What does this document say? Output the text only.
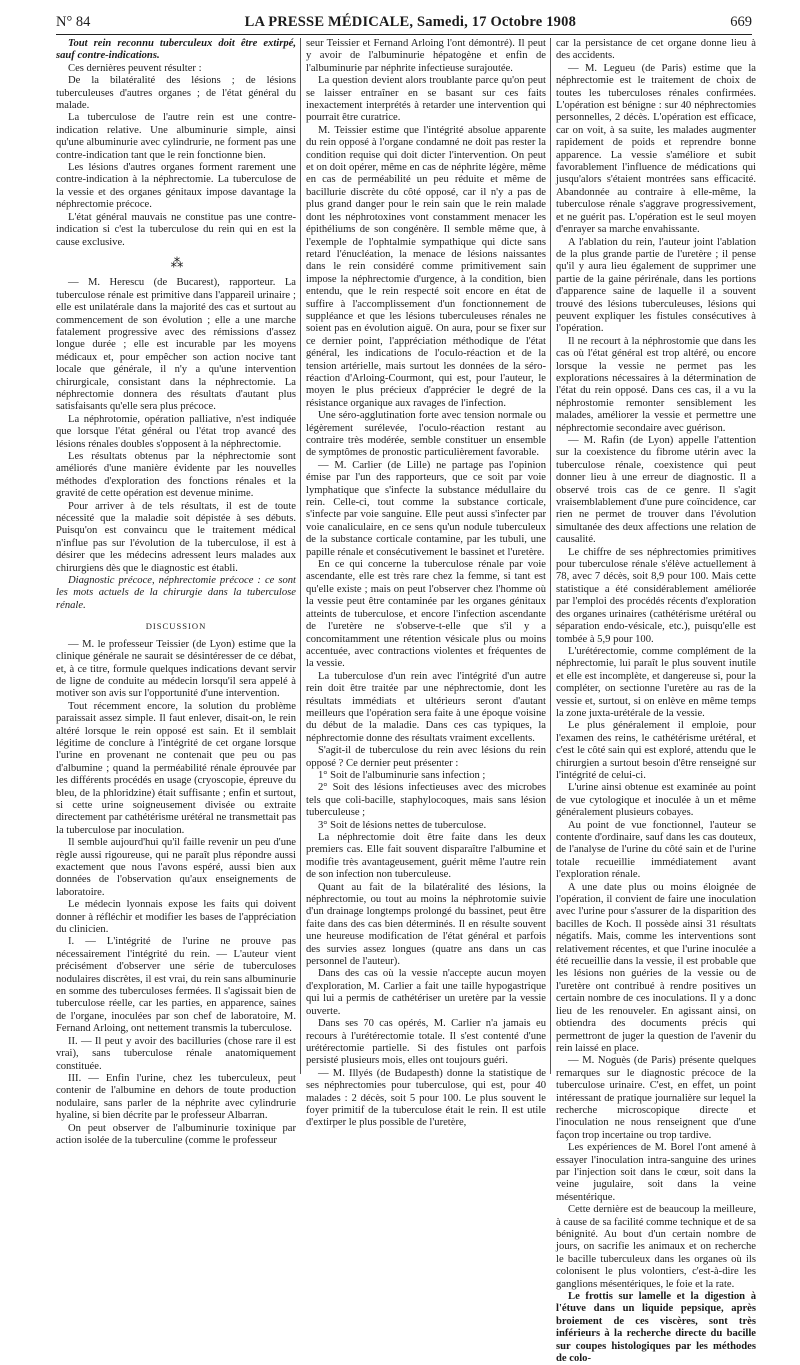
N° 84	LA PRESSE MÉDICALE, Samedi, 17 Octobre 1908	669

Tout rein reconnu tuberculeux doit être extirpé, sauf contre-indications.

Ces dernières peuvent résulter :

De la bilatéralité des lésions ; de lésions tuberculeuses d'autres organes ; de l'état général du malade.

La tuberculose de l'autre rein est une contre-indication relative. Une albuminurie simple, ainsi qu'une albuminurie avec cylindrurie, ne forment pas une contre-indication tant que le rein fonctionne bien.

Les lésions d'autres organes forment rarement une contre-indication à la néphrectomie. La tuberculose de la vessie et des organes génitaux impose davantage la néphrectomie précoce.

L'état général mauvais ne constitue pas une contre-indication si c'est la tuberculose du rein qui en est la cause exclusive.

⁂

— M. Herescu (de Bucarest), rapporteur. La tuberculose rénale est primitive dans l'appareil urinaire ; elle est unilatérale dans la majorité des cas et surtout au commencement de son évolution ; elle a une marche fatalement progressive avec des rémissions d'assez longue durée ; elle est incurable par les moyens médicaux et, pour empêcher son action nocive tant locale que générale, il n'y a qu'une intervention chirurgicale, consistant dans la néphrectomie. La néphrectomie donnera des résultats d'autant plus satisfaisants qu'elle sera plus précoce.

La néphrotomie, opération palliative, n'est indiquée que lorsque l'état général ou l'état trop avancé des lésions rénales doubles s'opposent à la néphrectomie.

Les résultats obtenus par la néphrectomie sont améliorés d'une manière évidente par les nouvelles méthodes d'exploration des fonctions rénales et la gravité de cette opération est devenue minime.

Pour arriver à de tels résultats, il est de toute nécessité que la maladie soit dépistée à ses débuts. Puisqu'on est convaincu que le traitement médical n'influe pas sur l'évolution de la tuberculose, il est à désirer que les médecins adressent leurs malades aux chirurgiens dès que le diagnostic est établi.

Diagnostic précoce, néphrectomie précoce : ce sont les mots actuels de la chirurgie dans la tuberculose rénale.

DISCUSSION

— M. le professeur Teissier (de Lyon) estime que la clinique générale ne saurait se désintéresser de ce débat, et, à ce titre, formule quelques indications devant servir de ligne de conduite au médecin lorsqu'il sera appelé à motiver son avis sur l'opportunité d'une intervention.

Tout récemment encore, la solution du problème paraissait assez simple. Il faut enlever, disait-on, le rein altéré lorsque le rein opposé est sain. Et il semblait légitime de conclure à l'intégrité de cet organe lorsque l'urine en provenant ne contenait que peu ou pas d'albumine ; quand la perméabilité rénale éprouvée par les différents procédés en usage (cryoscopie, épreuve du bleu, de la phloridzine) était suffisante ; enfin et surtout, si cette urine soigneusement divisée ou extraite directement par cathétérisme urétéral ne transmettait pas la tuberculose par inoculation.

Il semble aujourd'hui qu'il faille revenir un peu d'une règle aussi rigoureuse, qui ne paraît plus répondre aussi exactement que nous l'avons espéré, aussi bien aux données de l'observation qu'aux enseignements de laboratoire.

Le médecin lyonnais expose les faits qui doivent donner à réfléchir et modifier les bases de l'appréciation du clinicien.

I. — L'intégrité de l'urine ne prouve pas nécessairement l'intégrité du rein. — L'auteur vient précisément d'observer une série de tuberculoses nodulaires discrètes, il est vrai, du rein sans albuminurie en somme des tuberculoses fermées. Il s'agissait bien de tuberculose réelle, car les parties, en apparence, saines de l'organe, inoculées par son chef de laboratoire, M. Fernand Arloing, ont nettement transmis la tuberculose.

II. — Il peut y avoir des bacilluries (chose rare il est vrai), sans tuberculose rénale anatomiquement constituée.

III. — Enfin l'urine, chez les tuberculeux, peut contenir de l'albumine en dehors de toute production nodulaire, sans parler de la néphrite avec cylindrurie hyaline, si bien décrite par le professeur Albarran.

On peut observer de l'albuminurie toxinique par action isolée de la tuberculine (comme le professeur

seur Teissier et Fernand Arloing l'ont démontré). Il peut y avoir de l'albuminurie hépatogène et enfin de l'albuminurie par néphrite infectieuse surajoutée.

La question devient alors troublante parce qu'on peut se laisser entraîner en se basant sur ces faits inexactement interprétés à retarder une intervention qui pourrait être curatrice.

M. Teissier estime que l'intégrité absolue apparente du rein opposé à l'organe condamné ne doit pas rester la condition requise qui doit dicter l'intervention. On peut et on doit opérer, même en cas de néphrite légère, même en cas de perméabilité un peu réduite et même de bacillurie discrète du côté opposé, car il n'y a pas de plus grand danger pour le rein sain que le rein malade dont les néphrotoxines vont constamment menacer les épithéliums de son congénère. Il semble même que, à l'exemple de l'ophtalmie sympathique qui dicte sans retard l'énucléation, la menace de lésions naissantes dans le rein considéré comme primitivement sain impose la néphrectomie d'urgence, à la condition, bien entendu, que le rein respecté soit encore en état de suffire à l'accomplissement d'un fonctionnement de suppléance et que les lésions tuberculeuses rénales ne soient pas en évolution aiguë. On aura, pour se fixer sur ce dernier point, l'appréciation méthodique de l'état général, les indications de l'oculo-réaction et de la tension artérielle, mais surtout les données de la séro-réaction d'Arloing-Courmont, qui est, pour l'auteur, le moyen le plus précieux d'apprécier le degré de la résistance organique aux ravages de l'infection.

Une séro-agglutination forte avec tension normale ou légèrement surélevée, l'oculo-réaction restant au contraire très modérée, semble constituer un ensemble de symptômes de pronostic particulièrement favorable.

— M. Carlier (de Lille) ne partage pas l'opinion émise par l'un des rapporteurs, que ce soit par voie lymphatique que s'infecte la substance médullaire du rein. Celle-ci, tout comme la substance corticale, s'infecte par voie sanguine. Elle peut aussi s'infecter par voie canaliculaire, en ce sens qu'un nodule tuberculeux de la substance corticale contamine, par les tubuli, une papille rénale et consécutivement le bassinet et l'uretère.

En ce qui concerne la tuberculose rénale par voie ascendante, elle est très rare chez la femme, si tant est qu'elle existe ; mais on peut l'observer chez l'homme où la vessie peut être contaminée par les organes génitaux atteints de tuberculose, et encore l'infection ascendante de l'uretère ne s'observe-t-elle que s'il y a concomitamment une rétention vésicale plus ou moins accentuée, avec contractions violentes et fréquentes de la vessie.

La tuberculose d'un rein avec l'intégrité d'un autre rein doit être traitée par une néphrectomie, dont les résultats immédiats et ultérieurs seront d'autant meilleurs que l'opération sera faite à une époque voisine du début de la maladie. Dans ces cas typiques, la néphrectomie donne des résultats vraiment excellents.

S'agit-il de tuberculose du rein avec lésions du rein opposé ? Ce dernier peut présenter :

1° Soit de l'albuminurie sans infection ;

2° Soit des lésions infectieuses avec des microbes tels que coli-bacille, staphylocoques, mais sans lésion tuberculeuse ;

3° Soit de lésions nettes de tuberculose.

La néphrectomie doit être faite dans les deux premiers cas. Elle fait souvent disparaître l'albumine et modifie très avantageusement, guérit même l'autre rein de son infection non tuberculeuse.

Quant au fait de la bilatéralité des lésions, la néphrectomie, ou tout au moins la néphrotomie suivie d'un drainage longtemps prolongé du bassinet, peut être faite dans des cas bien déterminés. Il en résulte souvent une heureuse modification de l'état général et parfois des survies assez longues (quatre ans dans un cas personnel de l'auteur).

Dans des cas où la vessie n'accepte aucun moyen d'exploration, M. Carlier a fait une taille hypogastrique qui lui a permis de cathétériser un uretère par la vessie ouverte.

Dans ses 70 cas opérés, M. Carlier n'a jamais eu recours à l'urétérectomie totale. Il s'est contenté d'une urétérectomie partielle. Si des fistules ont parfois persisté plusieurs mois, elles ont toujours guéri.

— M. Illyés (de Budapesth) donne la statistique de ses néphrectomies pour tuberculose, qui est, pour 40 malades : 2 décès, soit 5 pour 100. Le plus souvent le foyer primitif de la tuberculose était le rein. Il est utile d'extirper le plus possible de l'uretère,

car la persistance de cet organe donne lieu à des accidents.

— M. Legueu (de Paris) estime que la néphrectomie est le traitement de choix de toutes les tuberculoses rénales confirmées. L'opération est bénigne : sur 40 néphrectomies personnelles, 2 décès. L'opération est efficace, car on voit, à sa suite, les malades augmenter rapidement de poids et reprendre bonne apparence. La vessie s'améliore et subit favorablement l'influence de médications qui jusqu'alors s'étaient montrées sans efficacité. Abandonnée au contraire à elle-même, la tuberculose rénale s'aggrave progressivement, et ne guérit pas. L'opération est le seul moyen d'enrayer sa marche envahissante.

A l'ablation du rein, l'auteur joint l'ablation de la plus grande partie de l'uretère ; il pense qu'il y aura lieu également de supprimer une partie de la gaine périrénale, dans les portions d'apparence saine de laquelle il a souvent trouvé des lésions tuberculeuses, lésions qui peuvent expliquer les fistules consécutives à l'opération.

Il ne recourt à la néphrostomie que dans les cas où l'état général est trop altéré, ou encore lorsque la vessie ne permet pas les explorations nécessaires à la détermination de l'état du rein opposé. Dans ces cas, il a vu la néphrostomie remonter sensiblement les malades, améliorer la vessie et permettre une néphrectomie secondaire avec guérison.

— M. Rafin (de Lyon) appelle l'attention sur la coexistence du fibrome utérin avec la tuberculose rénale, coexistence qui peut donner lieu à une erreur de diagnostic. Il a observé trois cas de ce genre. Il s'agit vraisemblablement d'une pure coïncidence, car rien ne permet de trouver dans l'évolution simultanée des deux affections une relation de causalité.

Le chiffre de ses néphrectomies primitives pour tuberculose rénale s'élève actuellement à 78, avec 7 décès, soit 8,9 pour 100. Mais cette statistique a été considérablement améliorée par l'emploi des procédés récents d'exploration des organes urinaires (cathétérisme urétéral ou séparation endo-vésicale, etc.), puisqu'elle est tombée à 5,9 pour 100.

L'urétérectomie, comme complément de la néphrectomie, lui paraît le plus souvent inutile et elle est incomplète, et dangereuse si, pour la compléter, on sectionne l'uretère au ras de la vessie et, surtout, si on enlève en même temps la zone juxta-urétérale de la vessie.

Le plus généralement il emploie, pour l'examen des reins, le cathétérisme urétéral, et c'est le côté sain qui est exploré, attendu que le chirurgien a surtout besoin d'être renseigné sur l'intégrité de celui-ci.

L'urine ainsi obtenue est examinée au point de vue cytologique et inoculée à un et même généralement plusieurs cobayes.

Au point de vue fonctionnel, l'auteur se contente d'ordinaire, sauf dans les cas douteux, de l'analyse de l'urine du côté sain et de l'urine totale recueillie immédiatement avant l'exploration rénale.

A une date plus ou moins éloignée de l'opération, il convient de faire une inoculation avec l'urine pour s'assurer de la disparition des bacilles de Koch. Il possède ainsi 31 résultats négatifs. Mais, comme les interventions sont relativement récentes, et que l'urine inoculée a été recueillie dans la vessie, il est probable que les lésions non guéries de la vessie ou de l'uretère ont contribué à rendre positives un certain nombre de ces inoculations. Il y a donc lieu de les renouveler. En agissant ainsi, on obtiendra des documents précis qui permettront de juger la question de l'avenir du rein laissé en place.

— M. Noguès (de Paris) présente quelques remarques sur le diagnostic précoce de la tuberculose urinaire. C'est, en effet, un point intéressant de pratique journalière sur lequel la recherche microscopique directe et l'inoculation ne nous renseignent que d'une façon trop incertaine ou trop tardive.

Les expériences de M. Borel l'ont amené à essayer l'inoculation intra-sanguine des urines par l'injection soit dans le cœur, soit dans la veine jugulaire, soit dans la veine mésentérique.

Cette dernière est de beaucoup la meilleure, à cause de sa facilité comme technique et de sa bénignité. Au bout d'un certain nombre de jours, on sacrifie les animaux et on recherche le bacille tuberculeux dans les organes où ils colonisent le plus volontiers, c'est-à-dire les ganglions mésentériques, le foie et la rate.

Le frottis sur lamelle et la digestion à l'étuve dans un liquide pepsique, après broiement de ces viscères, sont très inférieurs à la recherche directe du bacille sur coupes histologiques par les méthodes de colo-
